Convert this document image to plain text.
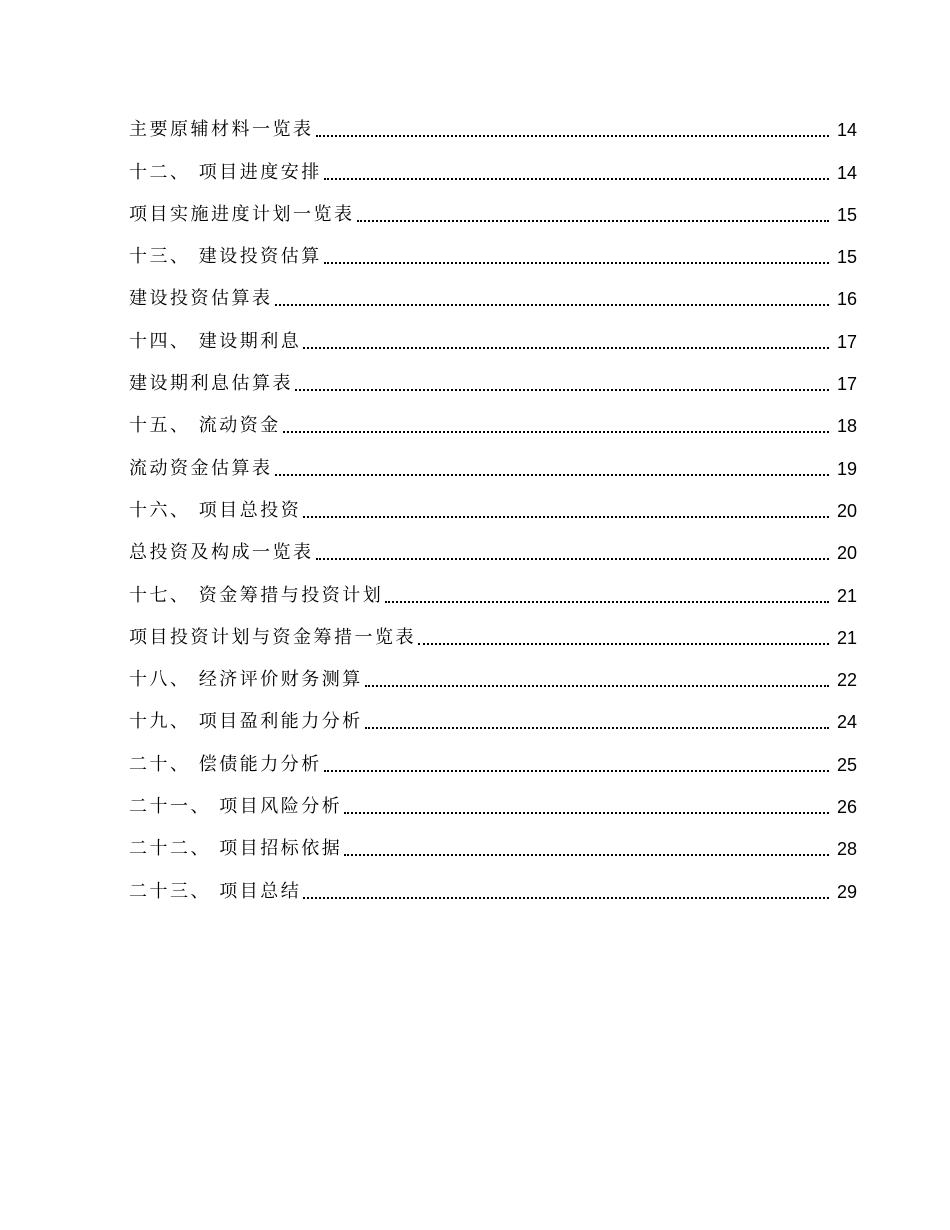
主要原辅材料一览表	14
十二、 项目进度安排	14
项目实施进度计划一览表	15
十三、 建设投资估算	15
建设投资估算表	16
十四、 建设期利息	17
建设期利息估算表	17
十五、 流动资金	18
流动资金估算表	19
十六、 项目总投资	20
总投资及构成一览表	20
十七、 资金筹措与投资计划	21
项目投资计划与资金筹措一览表	21
十八、 经济评价财务测算	22
十九、 项目盈利能力分析	24
二十、 偿债能力分析	25
二十一、 项目风险分析	26
二十二、 项目招标依据	28
二十三、 项目总结	29
